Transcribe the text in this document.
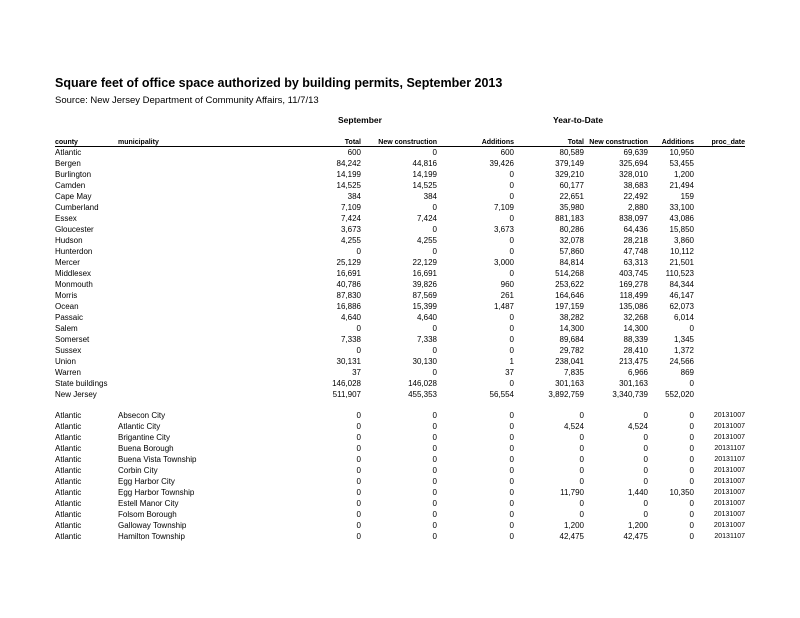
Square feet of office space authorized by building permits, September 2013
Source: New Jersey Department of Community Affairs, 11/7/13
September	Year-to-Date
county	municipality	Total	New construction	Additions	Total	New construction	Additions	proc_date
Atlantic		600	0	600	80,589	69,639	10,950	
Bergen		84,242	44,816	39,426	379,149	325,694	53,455	
Burlington		14,199	14,199	0	329,210	328,010	1,200	
Camden		14,525	14,525	0	60,177	38,683	21,494	
Cape May		384	384	0	22,651	22,492	159	
Cumberland		7,109	0	7,109	35,980	2,880	33,100	
Essex		7,424	7,424	0	881,183	838,097	43,086	
Gloucester		3,673	0	3,673	80,286	64,436	15,850	
Hudson		4,255	4,255	0	32,078	28,218	3,860	
Hunterdon		0	0	0	57,860	47,748	10,112	
Mercer		25,129	22,129	3,000	84,814	63,313	21,501	
Middlesex		16,691	16,691	0	514,268	403,745	110,523	
Monmouth		40,786	39,826	960	253,622	169,278	84,344	
Morris		87,830	87,569	261	164,646	118,499	46,147	
Ocean		16,886	15,399	1,487	197,159	135,086	62,073	
Passaic		4,640	4,640	0	38,282	32,268	6,014	
Salem		0	0	0	14,300	14,300	0	
Somerset		7,338	7,338	0	89,684	88,339	1,345	
Sussex		0	0	0	29,782	28,410	1,372	
Union		30,131	30,130	1	238,041	213,475	24,566	
Warren		37	0	37	7,835	6,966	869	
State buildings		146,028	146,028	0	301,163	301,163	0	
New Jersey		511,907	455,353	56,554	3,892,759	3,340,739	552,020	

Atlantic	Absecon City	0	0	0	0	0	0	20131007
Atlantic	Atlantic City	0	0	0	4,524	4,524	0	20131007
Atlantic	Brigantine City	0	0	0	0	0	0	20131007
Atlantic	Buena Borough	0	0	0	0	0	0	20131107
Atlantic	Buena Vista Township	0	0	0	0	0	0	20131107
Atlantic	Corbin City	0	0	0	0	0	0	20131007
Atlantic	Egg Harbor City	0	0	0	0	0	0	20131007
Atlantic	Egg Harbor Township	0	0	0	11,790	1,440	10,350	20131007
Atlantic	Estell Manor City	0	0	0	0	0	0	20131007
Atlantic	Folsom Borough	0	0	0	0	0	0	20131007
Atlantic	Galloway Township	0	0	0	1,200	1,200	0	20131007
Atlantic	Hamilton Township	0	0	0	42,475	42,475	0	20131107
